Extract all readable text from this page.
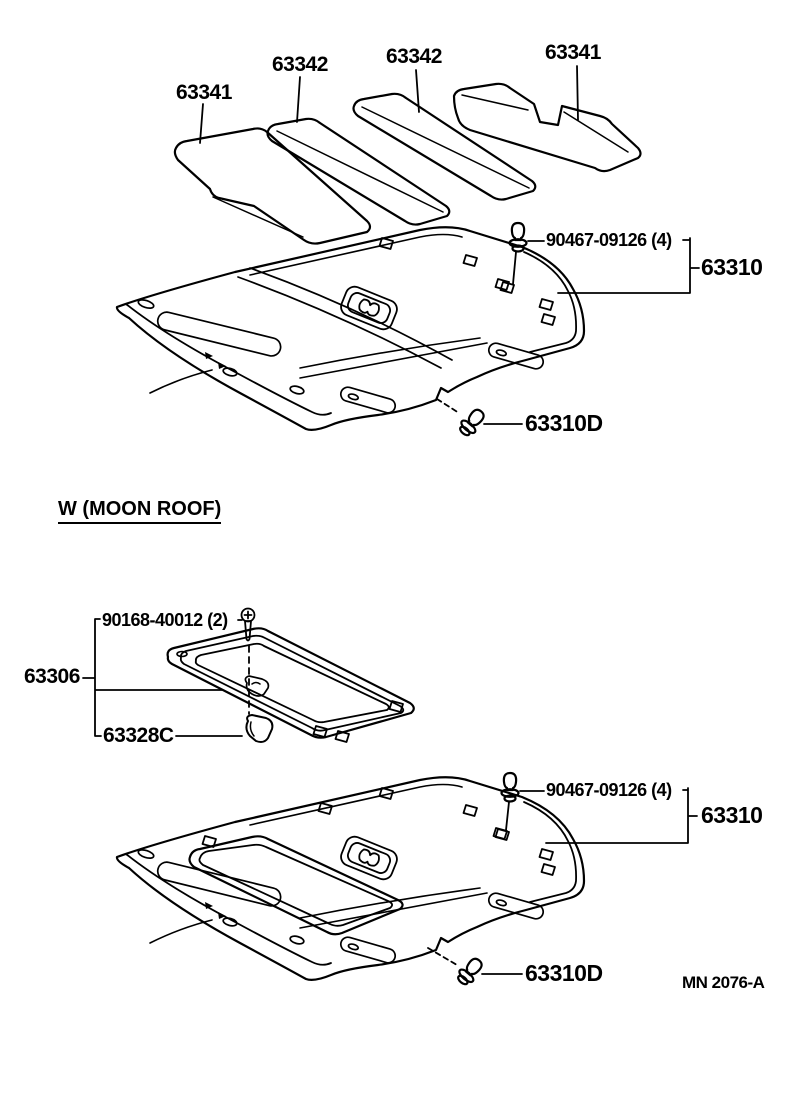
63341
63342	63342	63341
90467-09126 (4)
63310
63310D
W (MOON ROOF)
90168-40012 (2)
63306
63328C
90467-09126 (4)
63310
63310D	MN 2076-A
